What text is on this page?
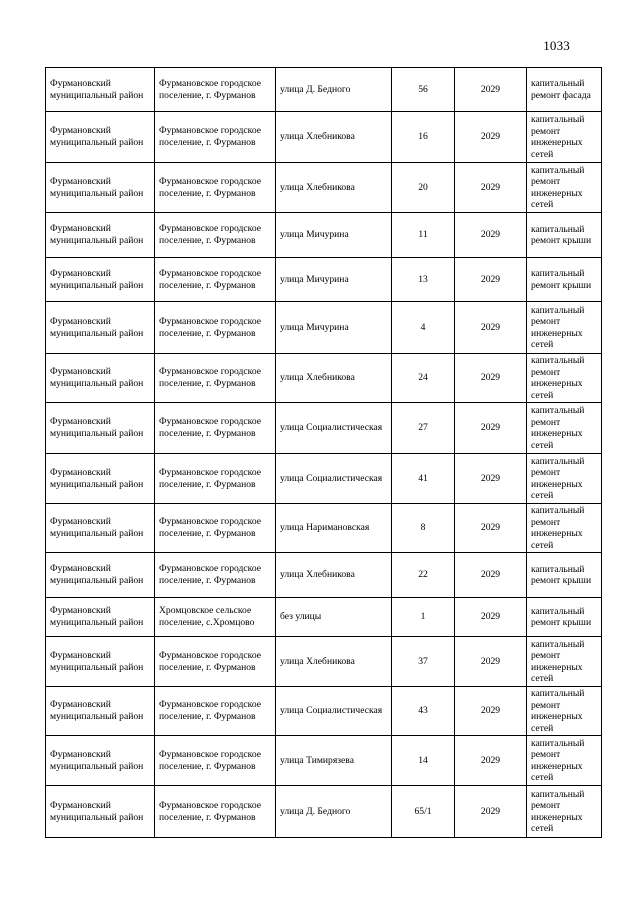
1033
Фурмановский муниципальный район	Фурмановское городское поселение, г. Фурманов	улица Д. Бедного	56	2029	капитальный ремонт фасада
Фурмановский муниципальный район	Фурмановское городское поселение, г. Фурманов	улица Хлебникова	16	2029	капитальный ремонт инженерных сетей
Фурмановский муниципальный район	Фурмановское городское поселение, г. Фурманов	улица Хлебникова	20	2029	капитальный ремонт инженерных сетей
Фурмановский муниципальный район	Фурмановское городское поселение, г. Фурманов	улица Мичурина	11	2029	капитальный ремонт крыши
Фурмановский муниципальный район	Фурмановское городское поселение, г. Фурманов	улица Мичурина	13	2029	капитальный ремонт крыши
Фурмановский муниципальный район	Фурмановское городское поселение, г. Фурманов	улица Мичурина	4	2029	капитальный ремонт инженерных сетей
Фурмановский муниципальный район	Фурмановское городское поселение, г. Фурманов	улица Хлебникова	24	2029	капитальный ремонт инженерных сетей
Фурмановский муниципальный район	Фурмановское городское поселение, г. Фурманов	улица Социалистическая	27	2029	капитальный ремонт инженерных сетей
Фурмановский муниципальный район	Фурмановское городское поселение, г. Фурманов	улица Социалистическая	41	2029	капитальный ремонт инженерных сетей
Фурмановский муниципальный район	Фурмановское городское поселение, г. Фурманов	улица Наримановская	8	2029	капитальный ремонт инженерных сетей
Фурмановский муниципальный район	Фурмановское городское поселение, г. Фурманов	улица Хлебникова	22	2029	капитальный ремонт крыши
Фурмановский муниципальный район	Хромцовское сельское поселение, с.Хромцово	без улицы	1	2029	капитальный ремонт крыши
Фурмановский муниципальный район	Фурмановское городское поселение, г. Фурманов	улица Хлебникова	37	2029	капитальный ремонт инженерных сетей
Фурмановский муниципальный район	Фурмановское городское поселение, г. Фурманов	улица Социалистическая	43	2029	капитальный ремонт инженерных сетей
Фурмановский муниципальный район	Фурмановское городское поселение, г. Фурманов	улица Тимирязева	14	2029	капитальный ремонт инженерных сетей
Фурмановский муниципальный район	Фурмановское городское поселение, г. Фурманов	улица Д. Бедного	65/1	2029	капитальный ремонт инженерных сетей
